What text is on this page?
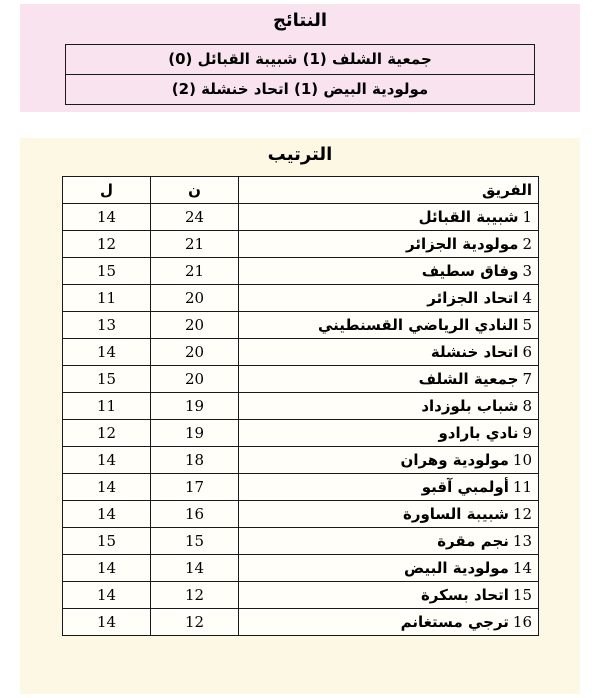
النتائج
جمعية الشلف (1) شبيبة القبائل (0)
مولودية البيض (1) اتحاد خنشلة (2)
الترتيب
الفريق	ن	ل
1شبيبة القبائل	24	14
2مولودية الجزائر	21	12
3وفاق سطيف	21	15
4اتحاد الجزائر	20	11
5النادي الرياضي القسنطيني	20	13
6اتحاد خنشلة	20	14
7جمعية الشلف	20	15
8شباب بلوزداد	19	11
9نادي بارادو	19	12
10مولودية وهران	18	14
11أولمبي آقبو	17	14
12شبيبة الساورة	16	14
13نجم مقرة	15	15
14مولودية البيض	14	14
15اتحاد بسكرة	12	14
16ترجي مستغانم	12	14
